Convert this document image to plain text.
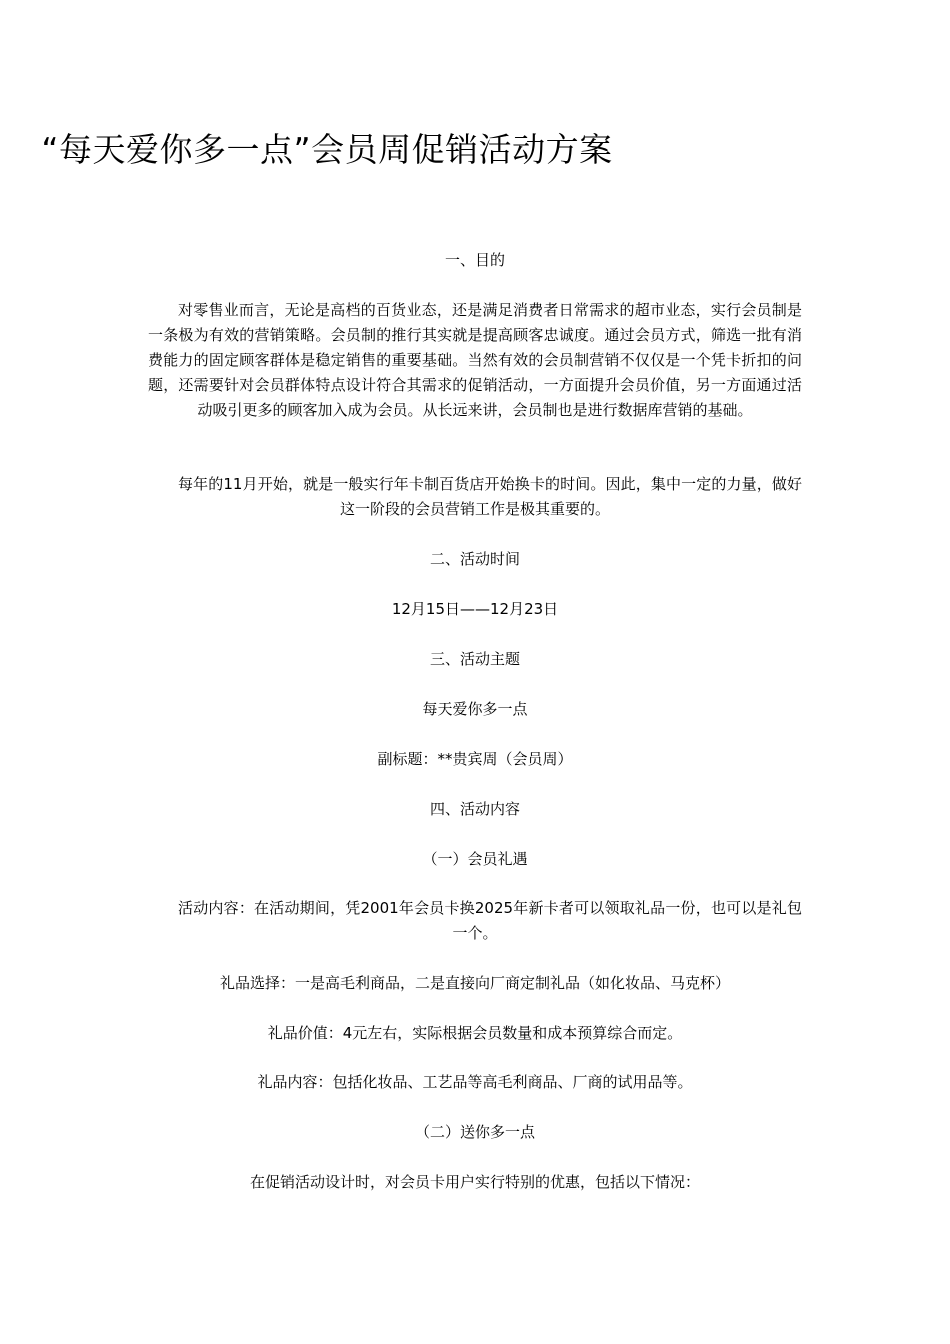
“每天爱你多一点”会员周促销活动方案

一、目的

对零售业而言，无论是高档的百货业态，还是满足消费者日常需求的超市业态，实行会员制是一条极为有效的营销策略。会员制的推行其实就是提高顾客忠诚度。通过会员方式，筛选一批有消费能力的固定顾客群体是稳定销售的重要基础。当然有效的会员制营销不仅仅是一个凭卡折扣的问题，还需要针对会员群体特点设计符合其需求的促销活动，一方面提升会员价值，另一方面通过活动吸引更多的顾客加入成为会员。从长远来讲，会员制也是进行数据库营销的基础。

每年的11月开始，就是一般实行年卡制百货店开始换卡的时间。因此，集中一定的力量，做好这一阶段的会员营销工作是极其重要的。

二、活动时间

12月15日——12月23日

三、活动主题

每天爱你多一点

副标题：**贵宾周（会员周）

四、活动内容

（一）会员礼遇

活动内容：在活动期间，凭2001年会员卡换2025年新卡者可以领取礼品一份，也可以是礼包一个。

礼品选择：一是高毛利商品，二是直接向厂商定制礼品（如化妆品、马克杯）

礼品价值：4元左右，实际根据会员数量和成本预算综合而定。

礼品内容：包括化妆品、工艺品等高毛利商品、厂商的试用品等。

（二）送你多一点

在促销活动设计时，对会员卡用户实行特别的优惠，包括以下情况：
